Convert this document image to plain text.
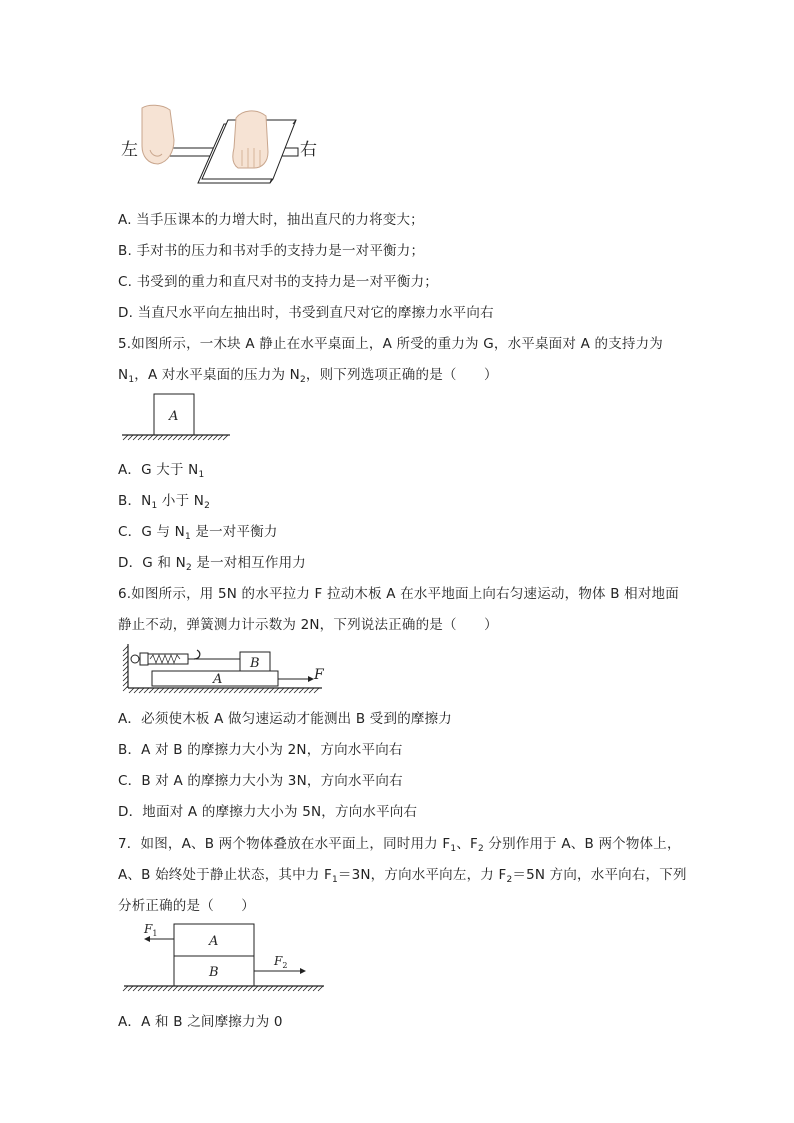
左	右
A. 当手压课本的力增大时，抽出直尺的力将变大；
B. 手对书的压力和书对手的支持力是一对平衡力；
C. 书受到的重力和直尺对书的支持力是一对平衡力；
D. 当直尺水平向左抽出时，书受到直尺对它的摩擦力水平向右
5.如图所示，一木块 A 静止在水平桌面上，A 所受的重力为 G，水平桌面对 A 的支持力为
$N_1$，A 对水平桌面的压力为 $N_2$，则下列选项正确的是（　　）
A
A．G 大于 $N_1$
B．$N_1$ 小于 $N_2$
C．G 与 $N_1$ 是一对平衡力
D．G 和 $N_2$ 是一对相互作用力
6.如图所示，用 5N 的水平拉力 F 拉动木板 A 在水平地面上向右匀速运动，物体 B 相对地面
静止不动，弹簧测力计示数为 2N，下列说法正确的是（　　）
B
A	F
A．必须使木板 A 做匀速运动才能测出 B 受到的摩擦力
B．A 对 B 的摩擦力大小为 2N，方向水平向右
C．B 对 A 的摩擦力大小为 3N，方向水平向右
D．地面对 A 的摩擦力大小为 5N，方向水平向右
7．如图，A、B 两个物体叠放在水平面上，同时用力 $F_1$、$F_2$ 分别作用于 A、B 两个物体上，
A、B 始终处于静止状态，其中力 $F_1=3N$，方向水平向左，力 $F_2=5N$ 方向，水平向右，下列
分析正确的是（　　）
A
B
$F_1$
$F_2$
A．A 和 B 之间摩擦力为 0
